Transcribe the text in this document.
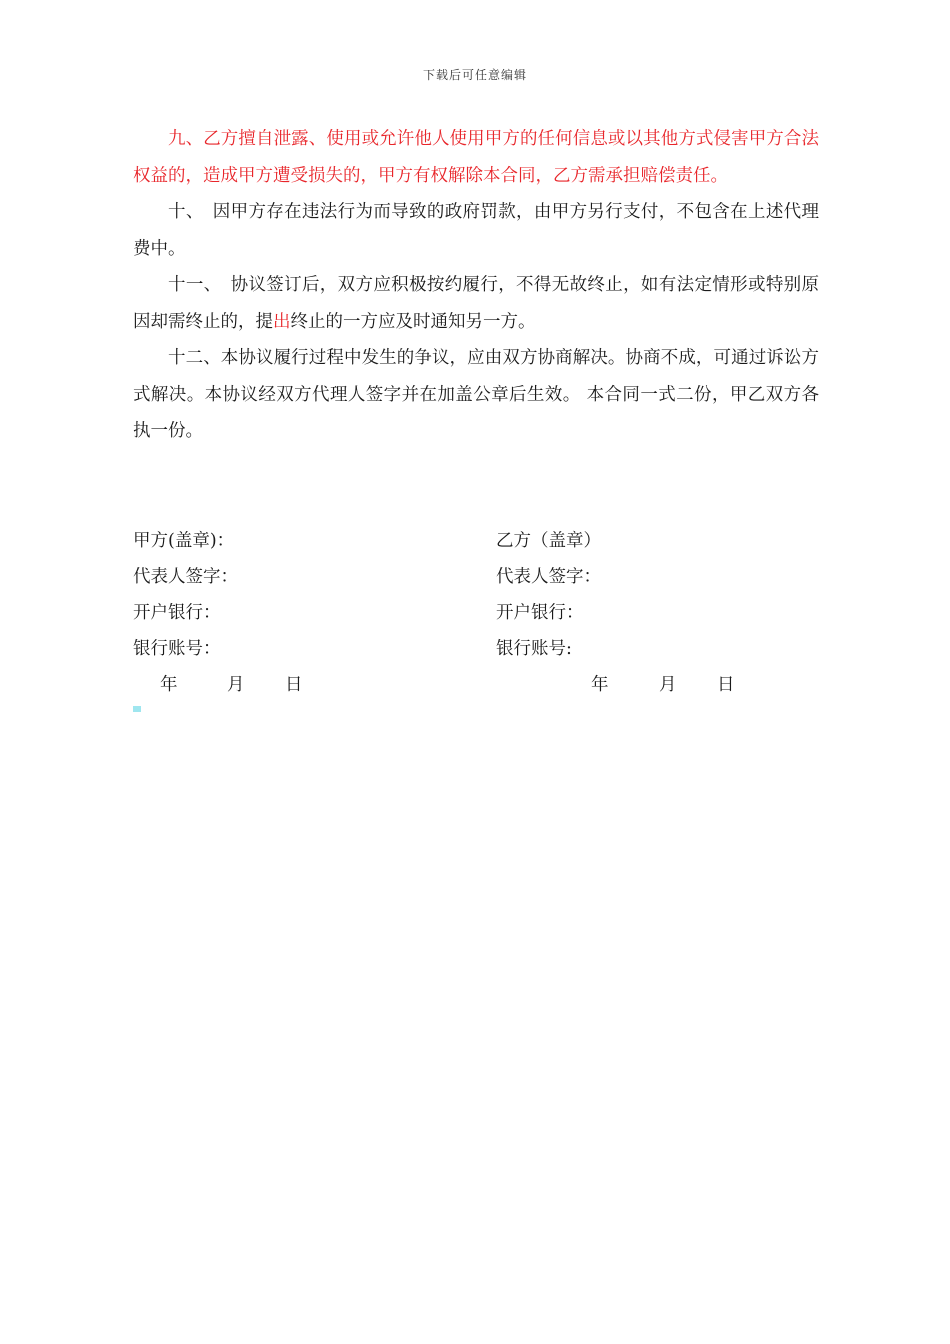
下载后可任意编辑

九、乙方擅自泄露、使用或允许他人使用甲方的任何信息或以其他方式侵害甲方合法权益的，造成甲方遭受损失的，甲方有权解除本合同，乙方需承担赔偿责任。

十、　因甲方存在违法行为而导致的政府罚款，由甲方另行支付，不包含在上述代理费中。

十一、　协议签订后，双方应积极按约履行，不得无故终止，如有法定情形或特别原因却需终止的，提出终止的一方应及时通知另一方。

十二、本协议履行过程中发生的争议，应由双方协商解决。协商不成，可通过诉讼方式解决。本协议经双方代理人签字并在加盖公章后生效。 本合同一式二份，甲乙双方各执一份。

甲方(盖章)：	乙方（盖章）
代表人签字：	代表人签字：
开户银行：	开户银行：
银行账号：	银行账号:
年	月 日	年	月 日
